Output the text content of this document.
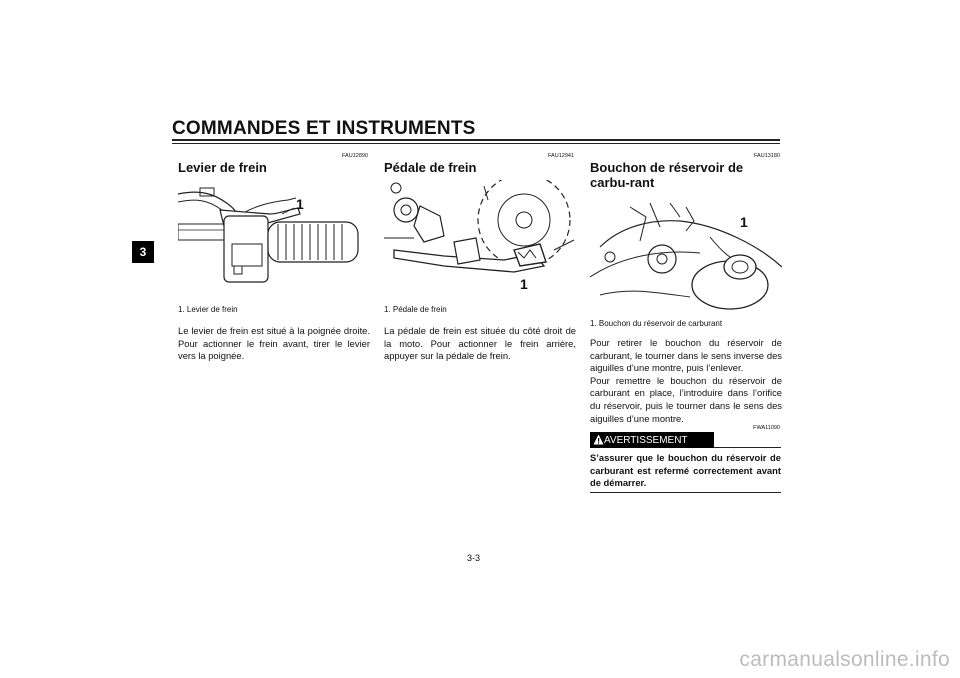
COMMANDES ET INSTRUMENTS
3
FAU12890
Levier de frein
1
1. Levier de frein
Le levier de frein est situé à la poignée droite. Pour actionner le frein avant, tirer le levier vers la poignée.
FAU12941
Pédale de frein
1
1. Pédale de frein
La pédale de frein est située du côté droit de la moto. Pour actionner le frein arrière, appuyer sur la pédale de frein.
FAU13180
Bouchon de réservoir de carbu-rant
1
1. Bouchon du réservoir de carburant
Pour retirer le bouchon du réservoir de carburant, le tourner dans le sens inverse des aiguilles d’une montre, puis l’enlever.
Pour remettre le bouchon du réservoir de carburant en place, l’introduire dans l’orifice du réservoir, puis le tourner dans le sens des aiguilles d’une montre.
FWA11090
AVERTISSEMENT
S’assurer que le bouchon du réservoir de carburant est refermé correctement avant de démarrer.
3-3
carmanualsonline.info
